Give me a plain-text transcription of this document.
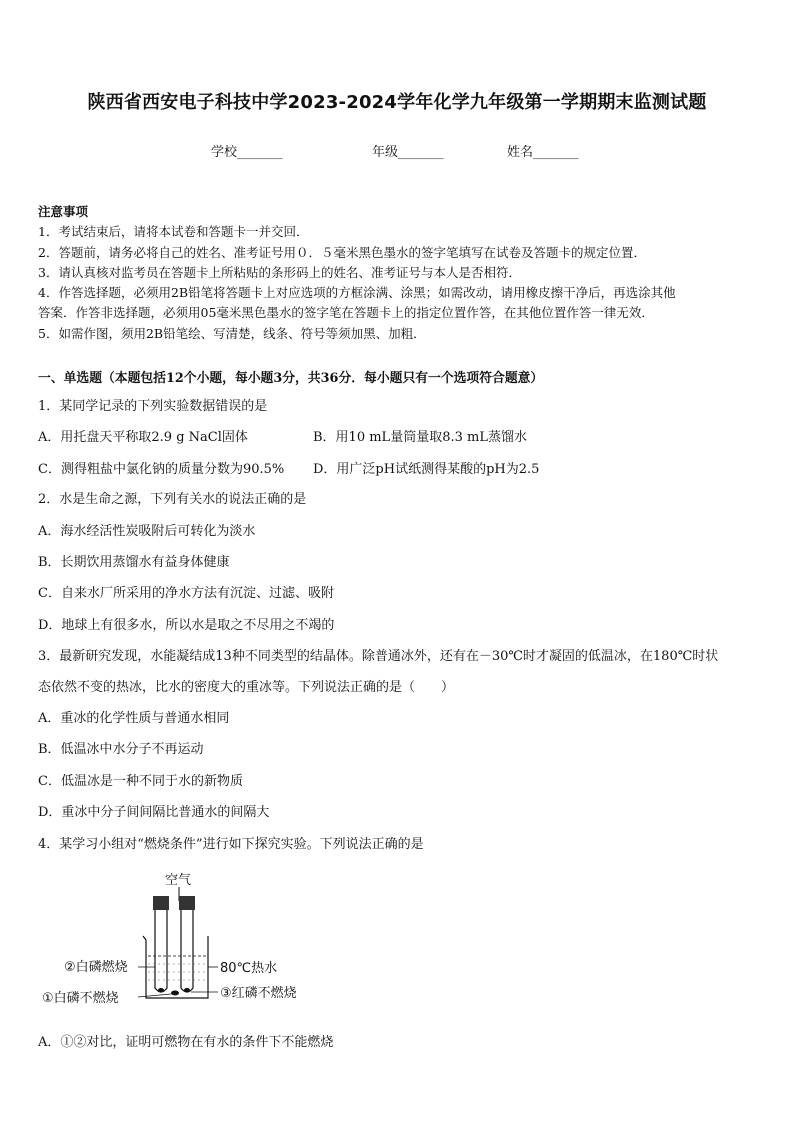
陕西省西安电子科技中学2023-2024学年化学九年级第一学期期末监测试题
学校_______	年级_______	姓名_______
注意事项
1．考试结束后，请将本试卷和答题卡一并交回．
2．答题前，请务必将自己的姓名、准考证号用０．５毫米黑色墨水的签字笔填写在试卷及答题卡的规定位置．
3．请认真核对监考员在答题卡上所粘贴的条形码上的姓名、准考证号与本人是否相符．
4．作答选择题，必须用2B铅笔将答题卡上对应选项的方框涂满、涂黑；如需改动，请用橡皮擦干净后，再选涂其他
答案．作答非选择题，必须用05毫米黑色墨水的签字笔在答题卡上的指定位置作答，在其他位置作答一律无效．
5．如需作图，须用2B铅笔绘、写清楚，线条、符号等须加黑、加粗．
一、单选题（本题包括12个小题，每小题3分，共36分．每小题只有一个选项符合题意）
1．某同学记录的下列实验数据错误的是
A．用托盘天平称取2.9 g NaCl固体	B．用10 mL量筒量取8.3 mL蒸馏水
C．测得粗盐中氯化钠的质量分数为90.5% D．用广泛pH试纸测得某酸的pH为2.5
2．水是生命之源，下列有关水的说法正确的是
A．海水经活性炭吸附后可转化为淡水
B．长期饮用蒸馏水有益身体健康
C．自来水厂所采用的净水方法有沉淀、过滤、吸附
D．地球上有很多水，所以水是取之不尽用之不竭的
3．最新研究发现，水能凝结成13种不同类型的结晶体。除普通冰外，还有在－30℃时才凝固的低温冰，在180℃时状
态依然不变的热冰，比水的密度大的重冰等。下列说法正确的是（　　）
A．重冰的化学性质与普通水相同
B．低温冰中水分子不再运动
C．低温冰是一种不同于水的新物质
D．重冰中分子间间隔比普通水的间隔大
4．某学习小组对“燃烧条件”进行如下探究实验。下列说法正确的是
空气
②白磷燃烧	80℃热水
①白磷不燃烧	③红磷不燃烧
A．①②对比，证明可燃物在有水的条件下不能燃烧
